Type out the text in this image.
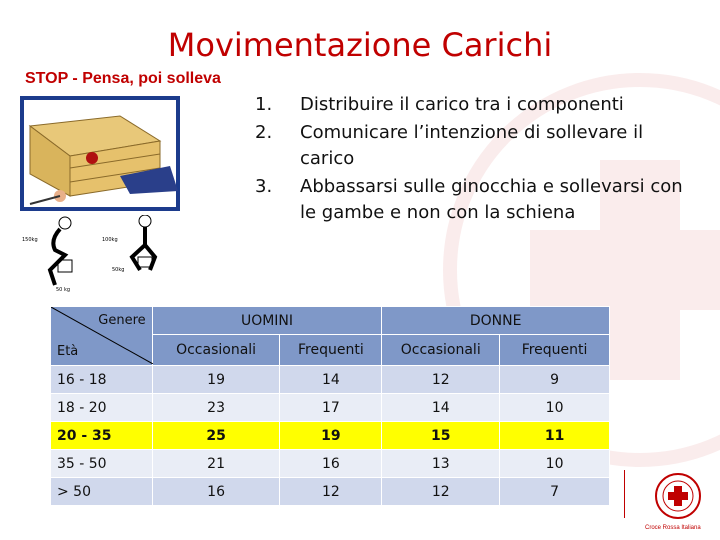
Movimentazione Carichi
STOP - Pensa, poi solleva
150kg	100kg
50kg
50 kg
1.	Distribuire il carico tra i componenti
2.	Comunicare l’intenzione di sollevare il carico
3.	Abbassarsi sulle ginocchia e sollevarsi con le gambe e non con la schiena
Genere
Età	UOMINI		DONNE	
	Occasionali	Frequenti	Occasionali	Frequenti
16 - 18	19	14	12	9
18 - 20	23	17	14	10
20 - 35	25	19	15	11
35 - 50	21	16	13	10
> 50	16	12	12	7
Croce Rossa Italiana
